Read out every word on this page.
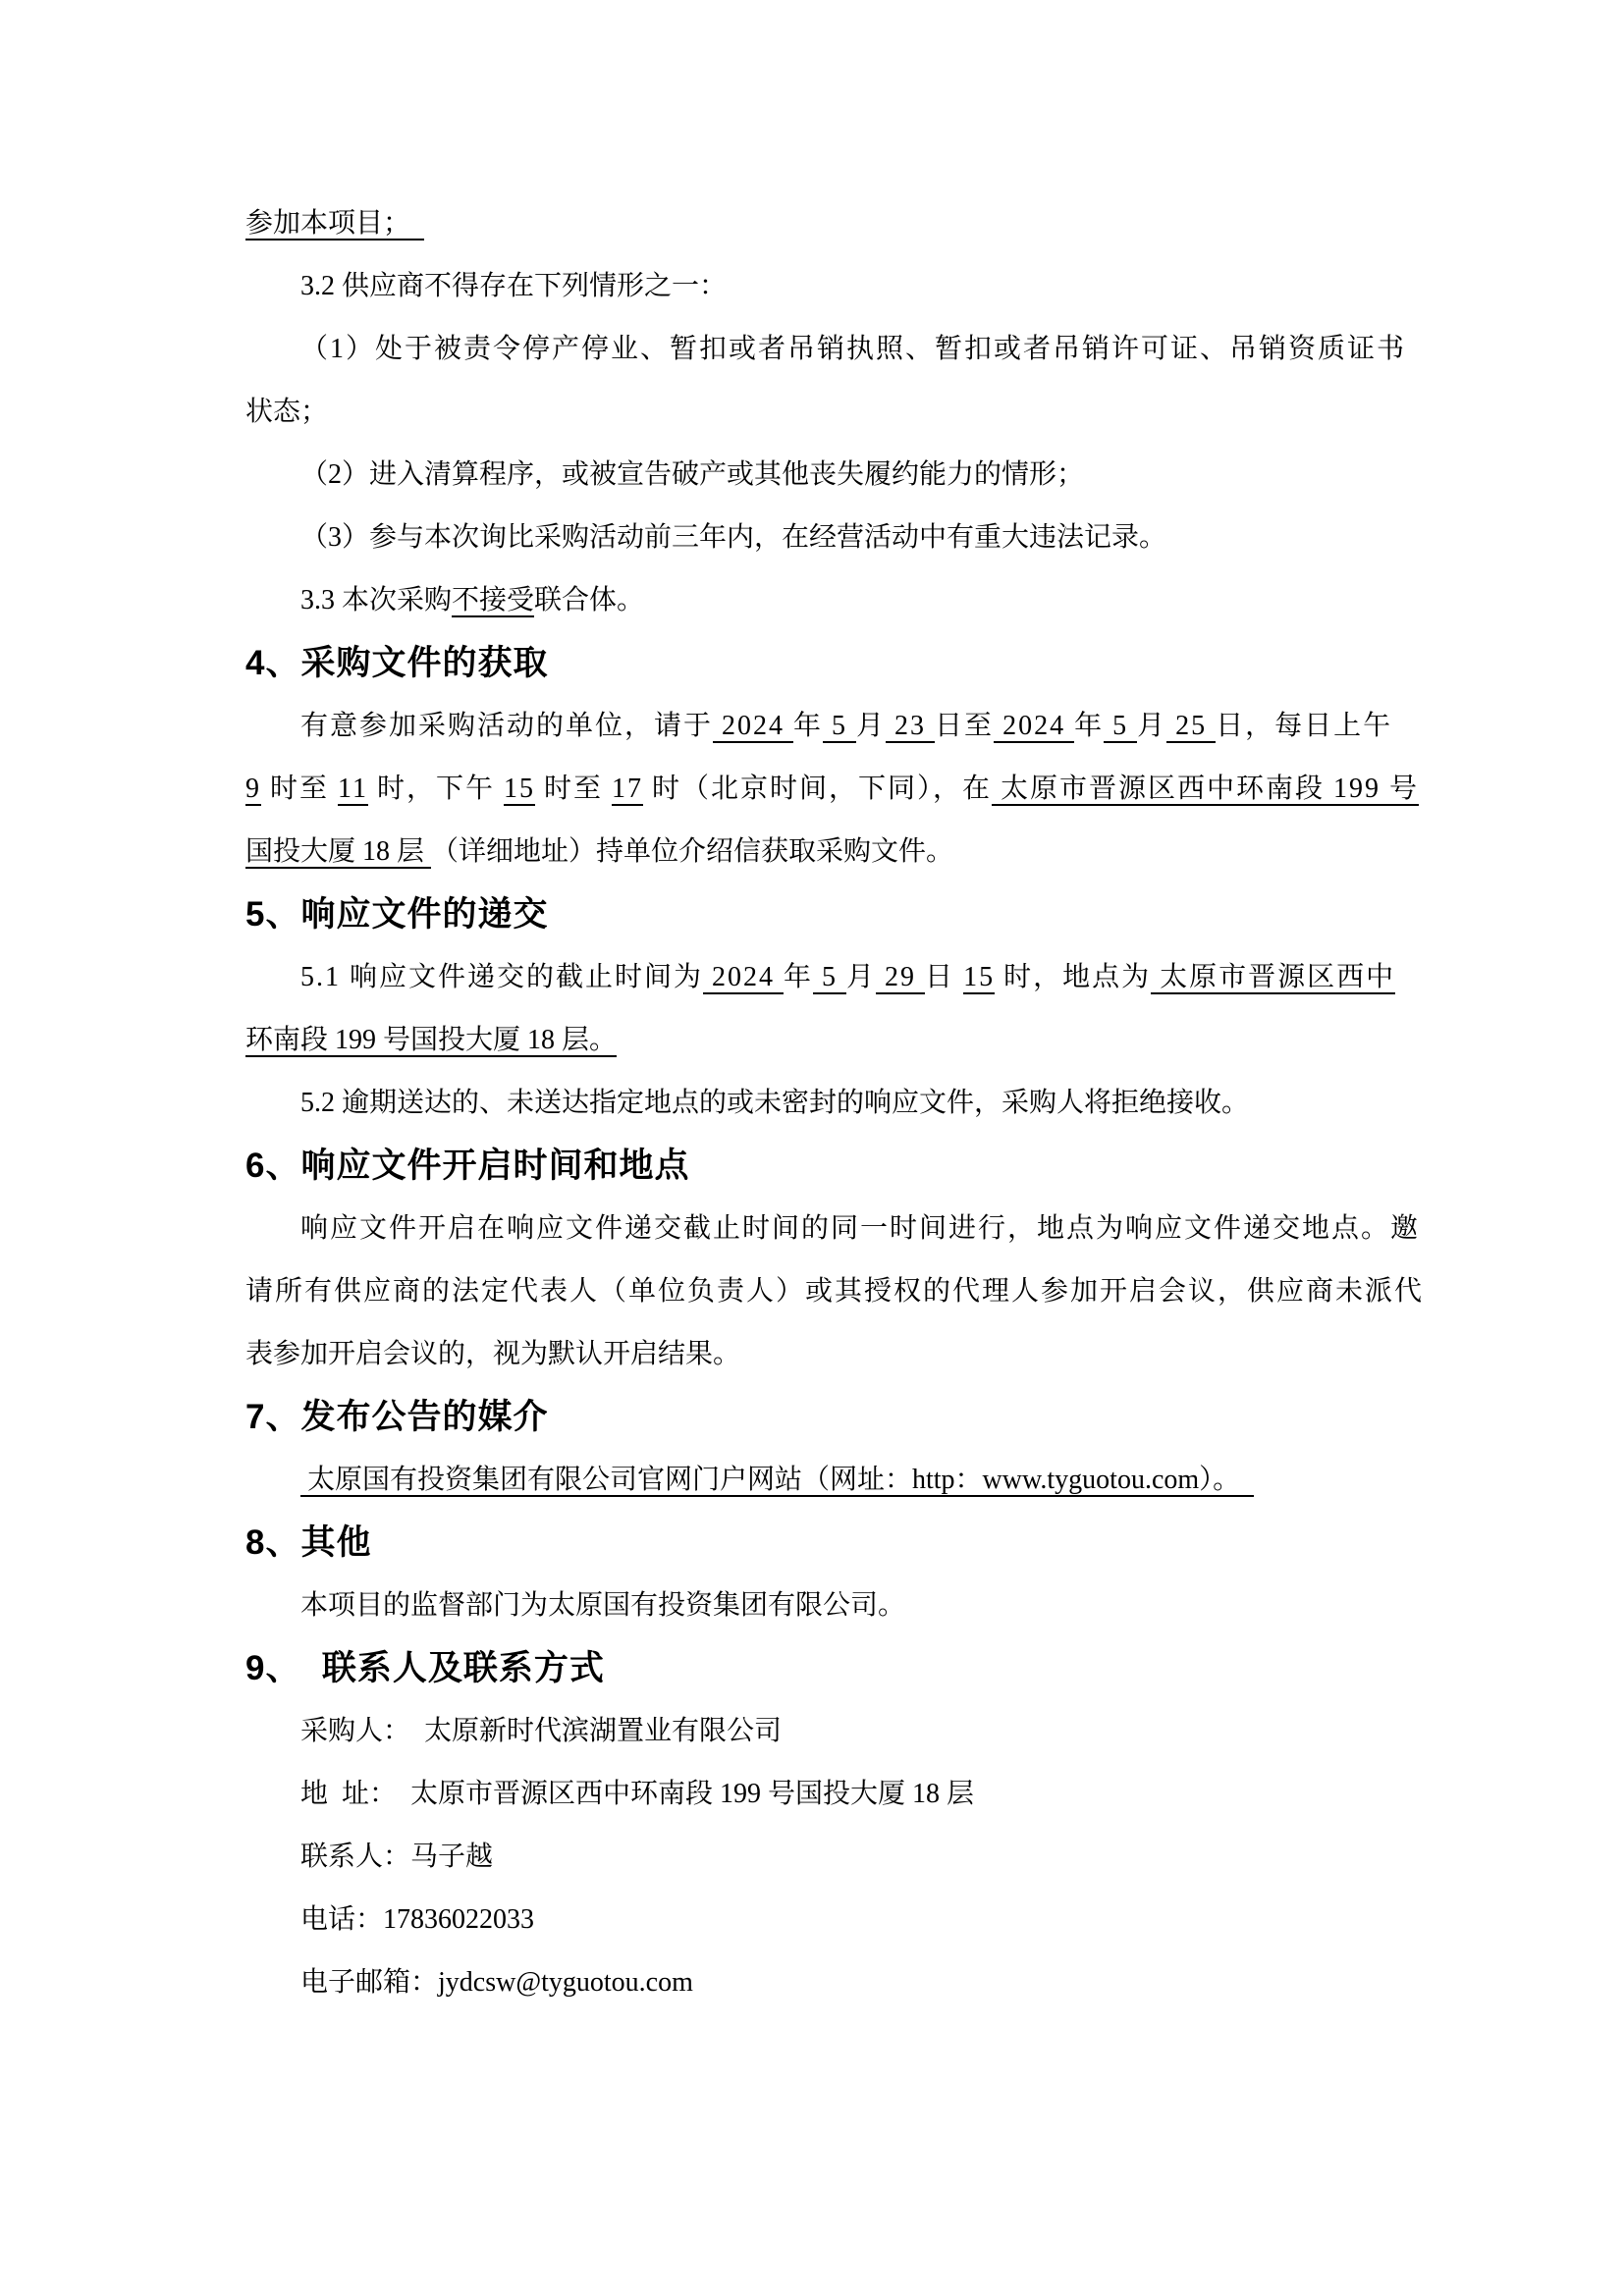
参加本项目；
3.2 供应商不得存在下列情形之一：
（1）处于被责令停产停业、暂扣或者吊销执照、暂扣或者吊销许可证、吊销资质证书
状态；
（2）进入清算程序，或被宣告破产或其他丧失履约能力的情形；
（3）参与本次询比采购活动前三年内，在经营活动中有重大违法记录。
3.3 本次采购不接受联合体。
4、采购文件的获取
有意参加采购活动的单位，请于 2024 年 5 月 23 日至 2024 年 5 月 25 日，每日上午
9 时至 11 时，下午 15 时至 17 时（北京时间，下同），在 太原市晋源区西中环南段 199 号
国投大厦 18 层 （详细地址）持单位介绍信获取采购文件。
5、响应文件的递交
5.1 响应文件递交的截止时间为 2024 年 5 月 29 日 15 时，地点为 太原市晋源区西中
环南段 199 号国投大厦 18 层。
5.2 逾期送达的、未送达指定地点的或未密封的响应文件，采购人将拒绝接收。
6、响应文件开启时间和地点
响应文件开启在响应文件递交截止时间的同一时间进行，地点为响应文件递交地点。邀
请所有供应商的法定代表人（单位负责人）或其授权的代理人参加开启会议，供应商未派代
表参加开启会议的，视为默认开启结果。
7、发布公告的媒介
太原国有投资集团有限公司官网门户网站（网址：http：www.tyguotou.com）。
8、其他
本项目的监督部门为太原国有投资集团有限公司。
9、  联系人及联系方式
采购人：  太原新时代滨湖置业有限公司
地  址：  太原市晋源区西中环南段 199 号国投大厦 18 层
联系人：马子越
电话：17836022033
电子邮箱：jydcsw@tyguotou.com
